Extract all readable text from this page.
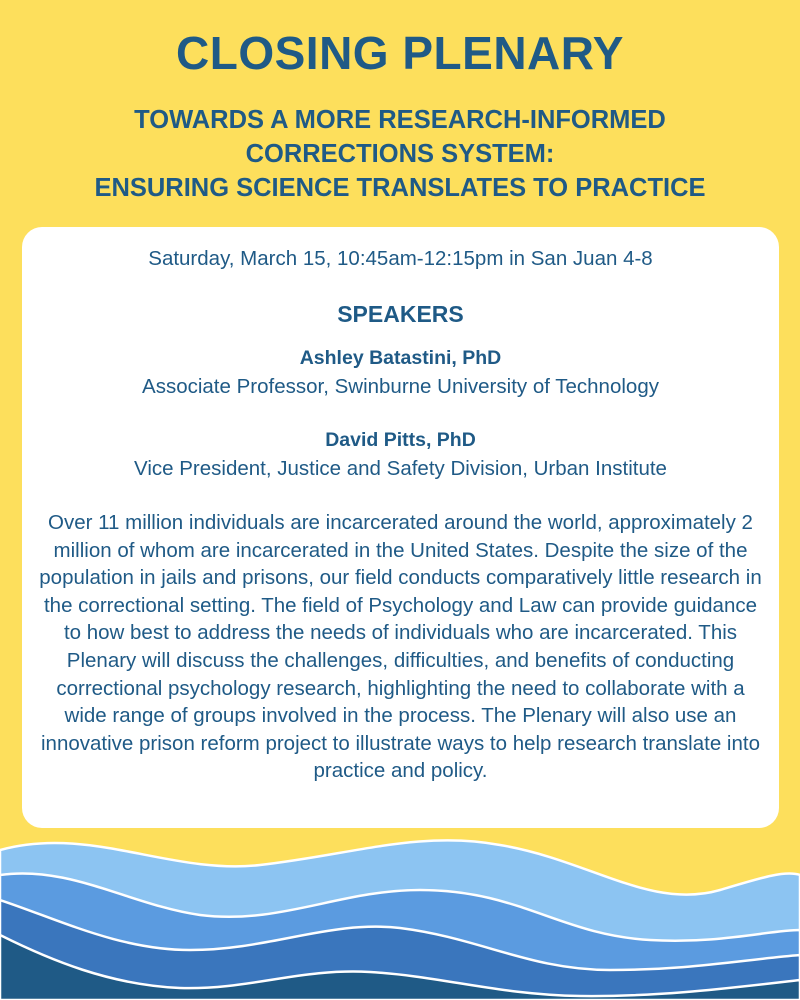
CLOSING PLENARY
TOWARDS A MORE RESEARCH-INFORMED
CORRECTIONS SYSTEM:
ENSURING SCIENCE TRANSLATES TO PRACTICE
Saturday, March 15, 10:45am-12:15pm in San Juan 4-8
SPEAKERS
Ashley Batastini, PhD
Associate Professor, Swinburne University of Technology
David Pitts, PhD
Vice President, Justice and Safety Division, Urban Institute

Over 11 million individuals are incarcerated around the world, approximately 2 million of whom are incarcerated in the United States. Despite the size of the population in jails and prisons, our field conducts comparatively little research in the correctional setting. The field of Psychology and Law can provide guidance to how best to address the needs of individuals who are incarcerated. This Plenary will discuss the challenges, difficulties, and benefits of conducting correctional psychology research, highlighting the need to collaborate with a wide range of groups involved in the process. The Plenary will also use an innovative prison reform project to illustrate ways to help research translate into practice and policy.
